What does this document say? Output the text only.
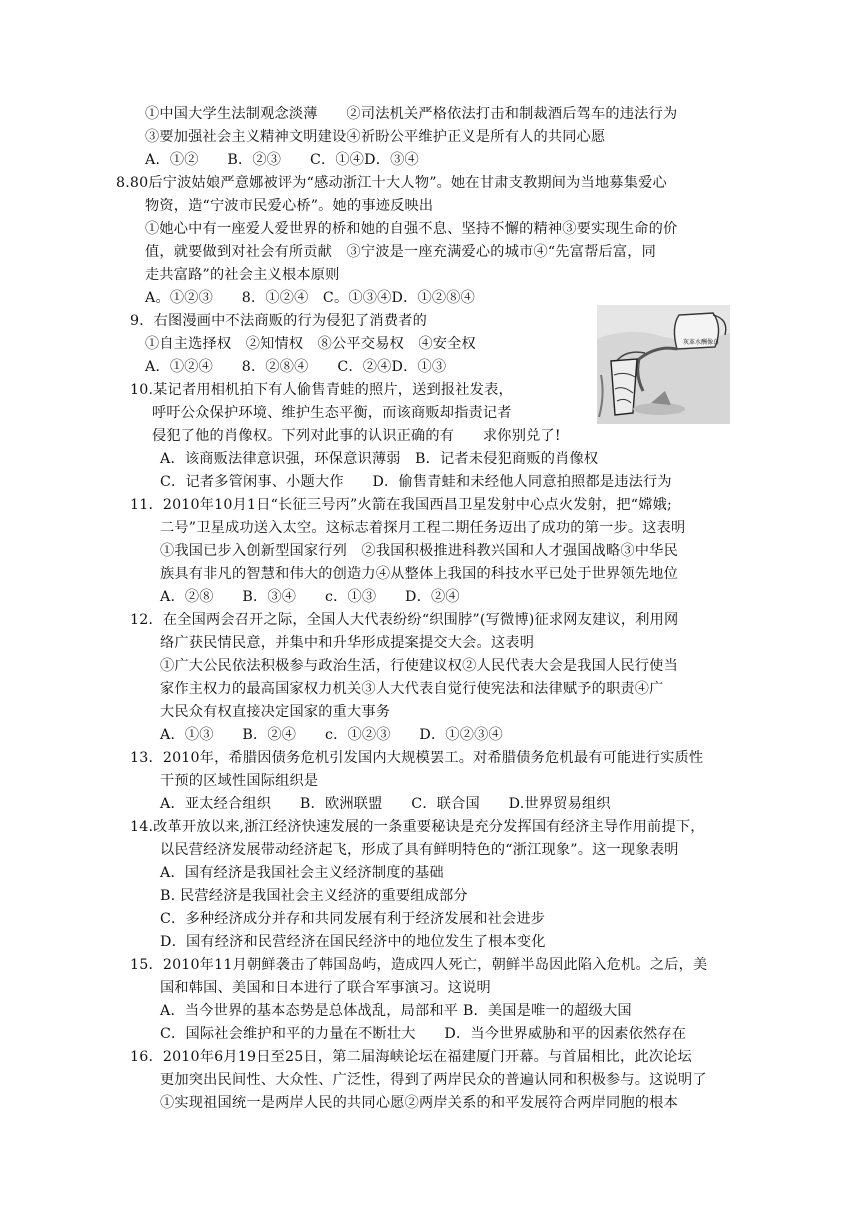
①中国大学生法制观念淡薄　　②司法机关严格依法打击和制裁酒后驾车的违法行为
③要加强社会主义精神文明建设④祈盼公平维护正义是所有人的共同心愿
A．①②　　B．②③　　C．①④D．③④
8.80后宁波姑娘严意娜被评为“感动浙江十大人物”。她在甘肃支教期间为当地募集爱心
物资，造“宁波市民爱心桥”。她的事迹反映出
①她心中有一座爱人爱世界的桥和她的自强不息、坚持不懈的精神③要实现生命的价
值，就要做到对社会有所贡献　③宁波是一座充满爱心的城市④“先富帮后富，同
走共富路”的社会主义根本原则
A。①②③　　8．①②④　C。①③④D．①②⑧④
9．右图漫画中不法商贩的行为侵犯了消费者的
①自主选择权　②知情权　⑧公平交易权　④安全权
A．①②④　　8．②⑧④　　C．②④D．①③
10.某记者用相机拍下有人偷售青蛙的照片，送到报社发表，
呼吁公众保护环境、维护生态平衡，而该商贩却指责记者
侵犯了他的肖像权。下列对此事的认识正确的有　　求你别兑了!
A．该商贩法律意识强，环保意识薄弱　B．记者未侵犯商贩的肖像权
C．记者多管闲事、小题大作　　D．偷售青蛙和未经他人同意拍照都是违法行为
11．2010年10月1日“长征三号丙”火箭在我国西昌卫星发射中心点火发射，把“嫦娥;
二号”卫星成功送入太空。这标志着探月工程二期任务迈出了成功的第一步。这表明
①我国已步入创新型国家行列　②我国积极推进科教兴国和人才强国战略③中华民
族具有非凡的智慧和伟大的创造力④从整体上我国的科技水平已处于世界领先地位
A．②⑧　　B．③④　　c．①③　　D．②④
12．在全国两会召开之际，全国人大代表纷纷“织围脖”(写微博)征求网友建议，利用网
络广获民情民意，并集中和升华形成提案提交大会。这表明
①广大公民依法积极参与政治生活，行使建议权②人民代表大会是我国人民行使当
家作主权力的最高国家权力机关③人大代表自觉行使宪法和法律赋予的职责④广
大民众有权直接决定国家的重大事务
A．①③　　B．②④　　c．①②③　　D．①②③④
13．2010年，希腊因债务危机引发国内大规模罢工。对希腊债务危机最有可能进行实质性
干预的区域性国际组织是
A．亚太经合组织　　B．欧洲联盟　　C．联合国　　D.世界贸易组织
14.改革开放以来,浙江经济快速发展的一条重要秘诀是充分发挥国有经济主导作用前提下，
以民营经济发展带动经济起飞，形成了具有鲜明特色的“浙江现象”。这一现象表明
A．国有经济是我国社会主义经济制度的基础
B. 民营经济是我国社会主义经济的重要组成部分
C．多种经济成分并存和共同发展有利于经济发展和社会进步
D．国有经济和民营经济在国民经济中的地位发生了根本变化
15．2010年11月朝鲜袭击了韩国岛屿，造成四人死亡，朝鲜半岛因此陷入危机。之后，美
国和韩国、美国和日本进行了联合军事演习。这说明
A．当今世界的基本态势是总体战乱，局部和平 B．美国是唯一的超级大国
C．国际社会维护和平的力量在不断壮大　　D．当今世界威胁和平的因素依然存在
16．2010年6月19日至25日，第二届海峡论坛在福建厦门开幕。与首届相比，此次论坛
更加突出民间性、大众性、广泛性，得到了两岸民众的普遍认同和积极参与。这说明了
①实现祖国统一是两岸人民的共同心愿②两岸关系的和平发展符合两岸同胞的根本
灰革水酬像白
